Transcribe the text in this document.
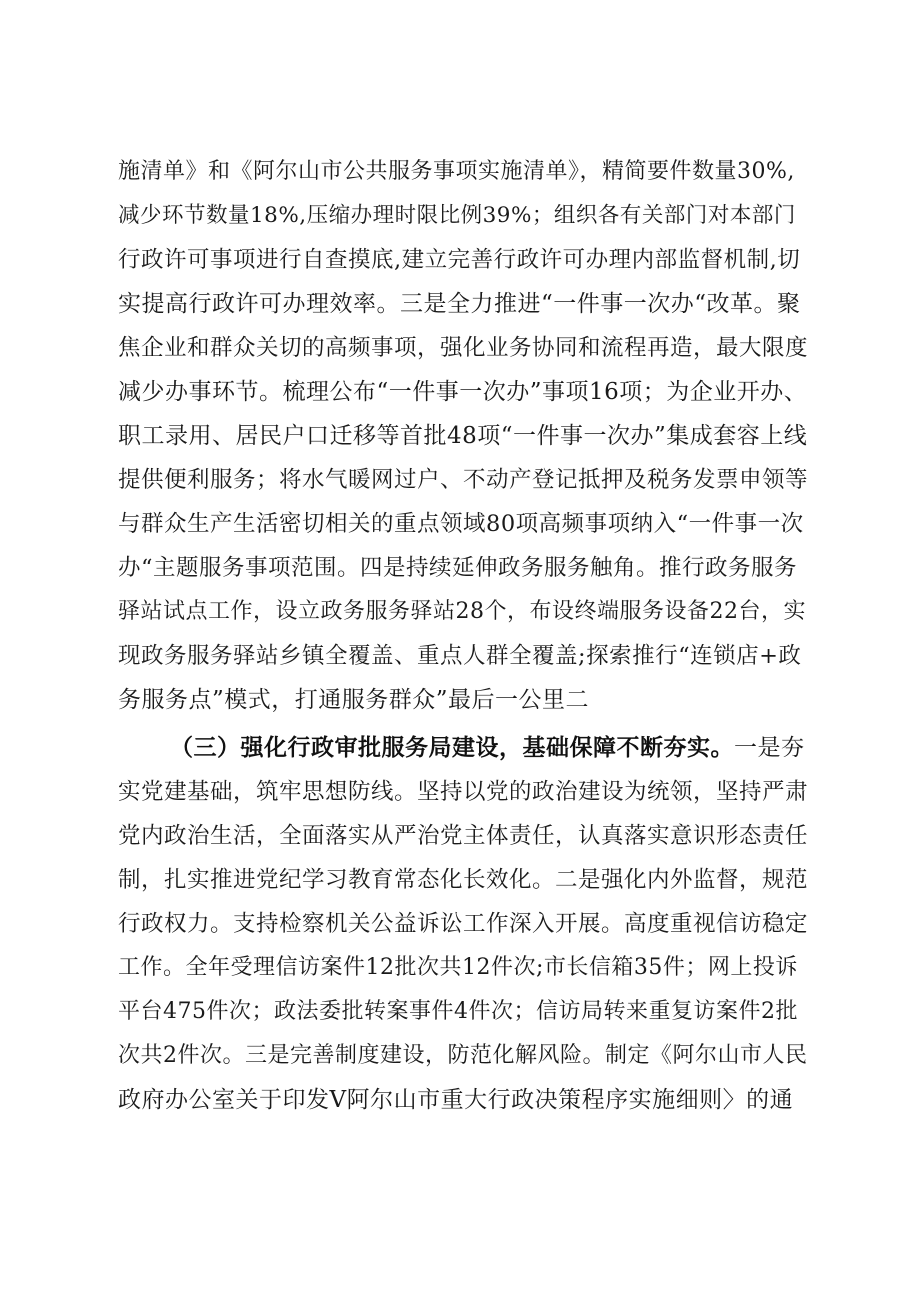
施清单》和《阿尔山市公共服务事项实施清单》，精简要件数量30%,
减少环节数量18%,压缩办理时限比例39%；组织各有关部门对本部门
行政许可事项进行自查摸底,建立完善行政许可办理内部监督机制,切
实提高行政许可办理效率。三是全力推进“一件事一次办“改革。聚
焦企业和群众关切的高频事项，强化业务协同和流程再造，最大限度
减少办事环节。梳理公布“一件事一次办”事项16项；为企业开办、
职工录用、居民户口迁移等首批48项“一件事一次办”集成套容上线
提供便利服务；将水气暖网过户、不动产登记抵押及税务发票申领等
与群众生产生活密切相关的重点领域80项高频事项纳入“一件事一次
办“主题服务事项范围。四是持续延伸政务服务触角。推行政务服务
驿站试点工作，设立政务服务驿站28个，布设终端服务设备22台，实
现政务服务驿站乡镇全覆盖、重点人群全覆盖;探索推行“连锁店+政
务服务点”模式，打通服务群众”最后一公里二
（三）强化行政审批服务局建设，基础保障不断夯实。一是夯
实党建基础，筑牢思想防线。坚持以党的政治建设为统领，坚持严肃
党内政治生活，全面落实从严治党主体责任，认真落实意识形态责任
制，扎实推进党纪学习教育常态化长效化。二是强化内外监督，规范
行政权力。支持检察机关公益诉讼工作深入开展。高度重视信访稳定
工作。全年受理信访案件12批次共12件次;市长信箱35件；网上投诉
平台475件次；政法委批转案事件4件次；信访局转来重复访案件2批
次共2件次。三是完善制度建设，防范化解风险。制定《阿尔山市人民
政府办公室关于印发V阿尔山市重大行政决策程序实施细则〉的通
